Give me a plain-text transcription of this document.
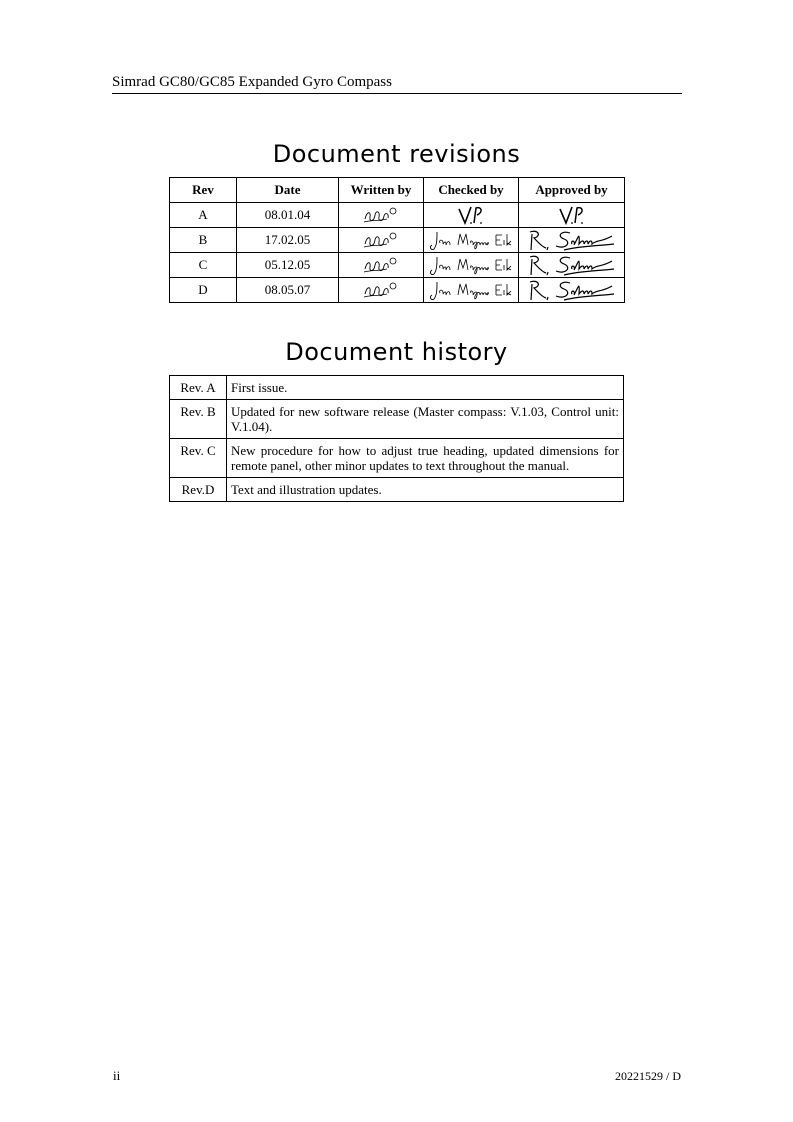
Simrad GC80/GC85 Expanded Gyro Compass
Document revisions
Rev	Date	Written by	Checked by	Approved by
A	08.01.04	

B	17.02.05	

C	05.12.05	

D	08.05.07	

Document history
Rev. A	First issue.
Rev. B	Updated for new software release (Master compass: V.1.03, Control unit: V.1.04).
Rev. C	New procedure for how to adjust true heading, updated dimensions for remote panel, other minor updates to text throughout the manual.
Rev.D	Text and illustration updates.
ii	20221529 / D
